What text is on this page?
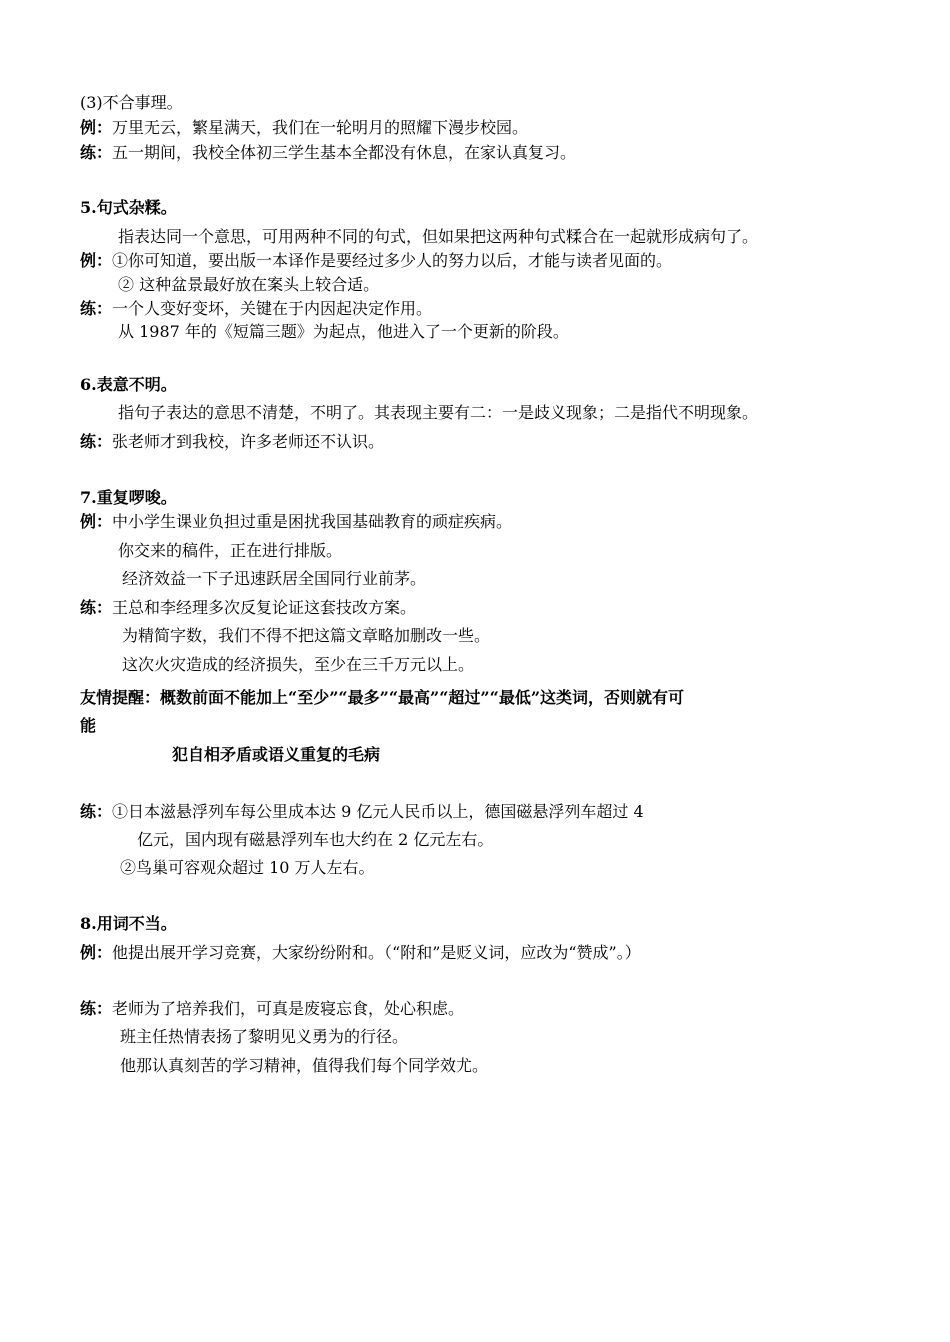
(3)不合事理。
例：万里无云，繁星满天，我们在一轮明月的照耀下漫步校园。
练：五一期间，我校全体初三学生基本全都没有休息，在家认真复习。
5.句式杂糅。
指表达同一个意思，可用两种不同的句式，但如果把这两种句式糅合在一起就形成病句了。
例：①你可知道，要出版一本译作是要经过多少人的努力以后，才能与读者见面的。
② 这种盆景最好放在案头上较合适。
练：一个人变好变坏，关键在于内因起决定作用。
从 1987 年的《短篇三题》为起点，他进入了一个更新的阶段。
6.表意不明。
指句子表达的意思不清楚，不明了。其表现主要有二：一是歧义现象；二是指代不明现象。
练：张老师才到我校，许多老师还不认识。
7.重复啰唆。
例：中小学生课业负担过重是困扰我国基础教育的顽症疾病。
你交来的稿件，正在进行排版。
经济效益一下子迅速跃居全国同行业前茅。
练：王总和李经理多次反复论证这套技改方案。
为精简字数，我们不得不把这篇文章略加删改一些。
这次火灾造成的经济损失，至少在三千万元以上。
友情提醒：概数前面不能加上“至少”“最多”“最高”“超过”“最低”这类词，否则就有可
能
犯自相矛盾或语义重复的毛病
练：①日本滋悬浮列车每公里成本达 9 亿元人民币以上，德国磁悬浮列车超过 4
亿元，国内现有磁悬浮列车也大约在 2 亿元左右。
②鸟巢可容观众超过 10 万人左右。
8.用词不当。
例：他提出展开学习竞赛，大家纷纷附和。（“附和”是贬义词，应改为“赞成”。）
练：老师为了培养我们，可真是废寝忘食，处心积虑。
班主任热情表扬了黎明见义勇为的行径。
他那认真刻苦的学习精神，值得我们每个同学效尤。
